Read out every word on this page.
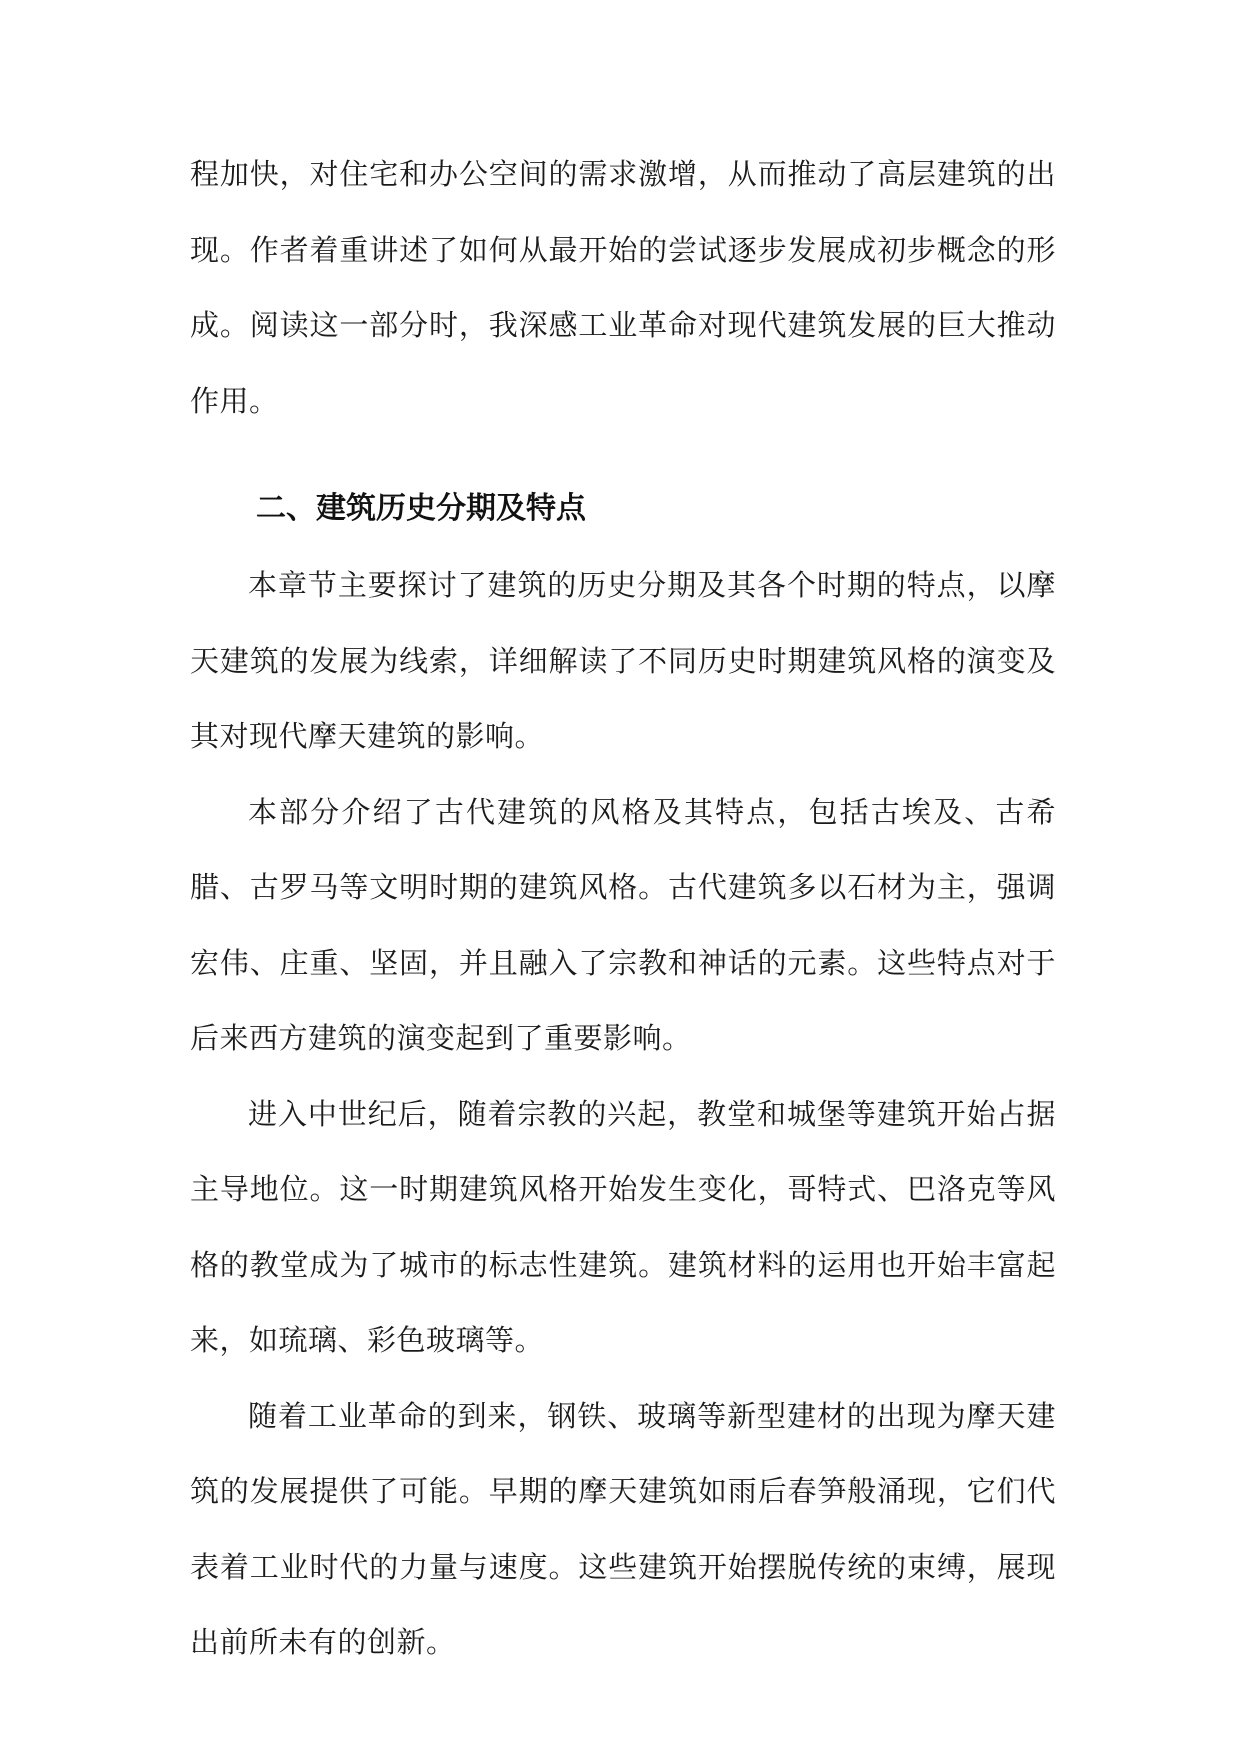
程加快，对住宅和办公空间的需求激增，从而推动了高层建筑的出现。作者着重讲述了如何从最开始的尝试逐步发展成初步概念的形成。阅读这一部分时，我深感工业革命对现代建筑发展的巨大推动作用。

二、建筑历史分期及特点

本章节主要探讨了建筑的历史分期及其各个时期的特点，以摩天建筑的发展为线索，详细解读了不同历史时期建筑风格的演变及其对现代摩天建筑的影响。

本部分介绍了古代建筑的风格及其特点，包括古埃及、古希腊、古罗马等文明时期的建筑风格。古代建筑多以石材为主，强调宏伟、庄重、坚固，并且融入了宗教和神话的元素。这些特点对于后来西方建筑的演变起到了重要影响。

进入中世纪后，随着宗教的兴起，教堂和城堡等建筑开始占据主导地位。这一时期建筑风格开始发生变化，哥特式、巴洛克等风格的教堂成为了城市的标志性建筑。建筑材料的运用也开始丰富起来，如琉璃、彩色玻璃等。

随着工业革命的到来，钢铁、玻璃等新型建材的出现为摩天建筑的发展提供了可能。早期的摩天建筑如雨后春笋般涌现，它们代表着工业时代的力量与速度。这些建筑开始摆脱传统的束缚，展现出前所未有的创新。
